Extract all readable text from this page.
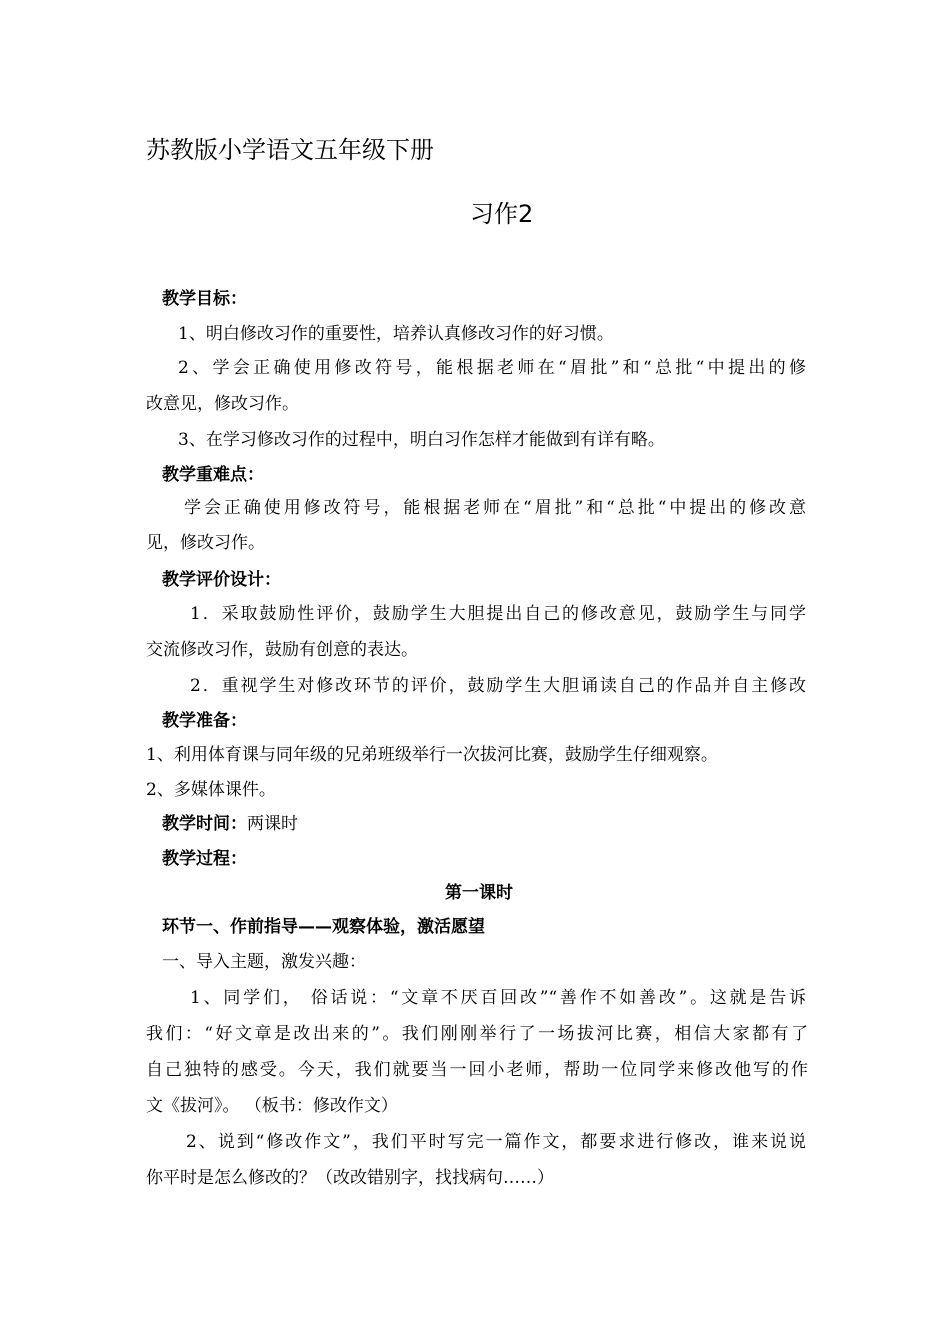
苏教版小学语文五年级下册
习作2
教学目标：
1、明白修改习作的重要性，培养认真修改习作的好习惯。
2、学会正确使用修改符号，能根据老师在“眉批”和“总批“中提出的修
改意见，修改习作。
3、在学习修改习作的过程中，明白习作怎样才能做到有详有略。
教学重难点：
学会正确使用修改符号，能根据老师在“眉批”和“总批“中提出的修改意
见，修改习作。
教学评价设计：
1．采取鼓励性评价，鼓励学生大胆提出自己的修改意见，鼓励学生与同学
交流修改习作，鼓励有创意的表达。
2．重视学生对修改环节的评价，鼓励学生大胆诵读自己的作品并自主修改
教学准备：
1、利用体育课与同年级的兄弟班级举行一次拔河比赛，鼓励学生仔细观察。
2、多媒体课件。
教学时间：两课时
教学过程：
第一课时
环节一、作前指导——观察体验，激活愿望
一、导入主题，激发兴趣：
1、同学们， 俗话说：“文章不厌百回改”“善作不如善改”。这就是告诉
我们：“好文章是改出来的”。我们刚刚举行了一场拔河比赛，相信大家都有了
自己独特的感受。今天，我们就要当一回小老师，帮助一位同学来修改他写的作
文《拔河》。 （板书：修改作文）
2、说到“修改作文”，我们平时写完一篇作文，都要求进行修改，谁来说说
你平时是怎么修改的？（改改错别字，找找病句……）
